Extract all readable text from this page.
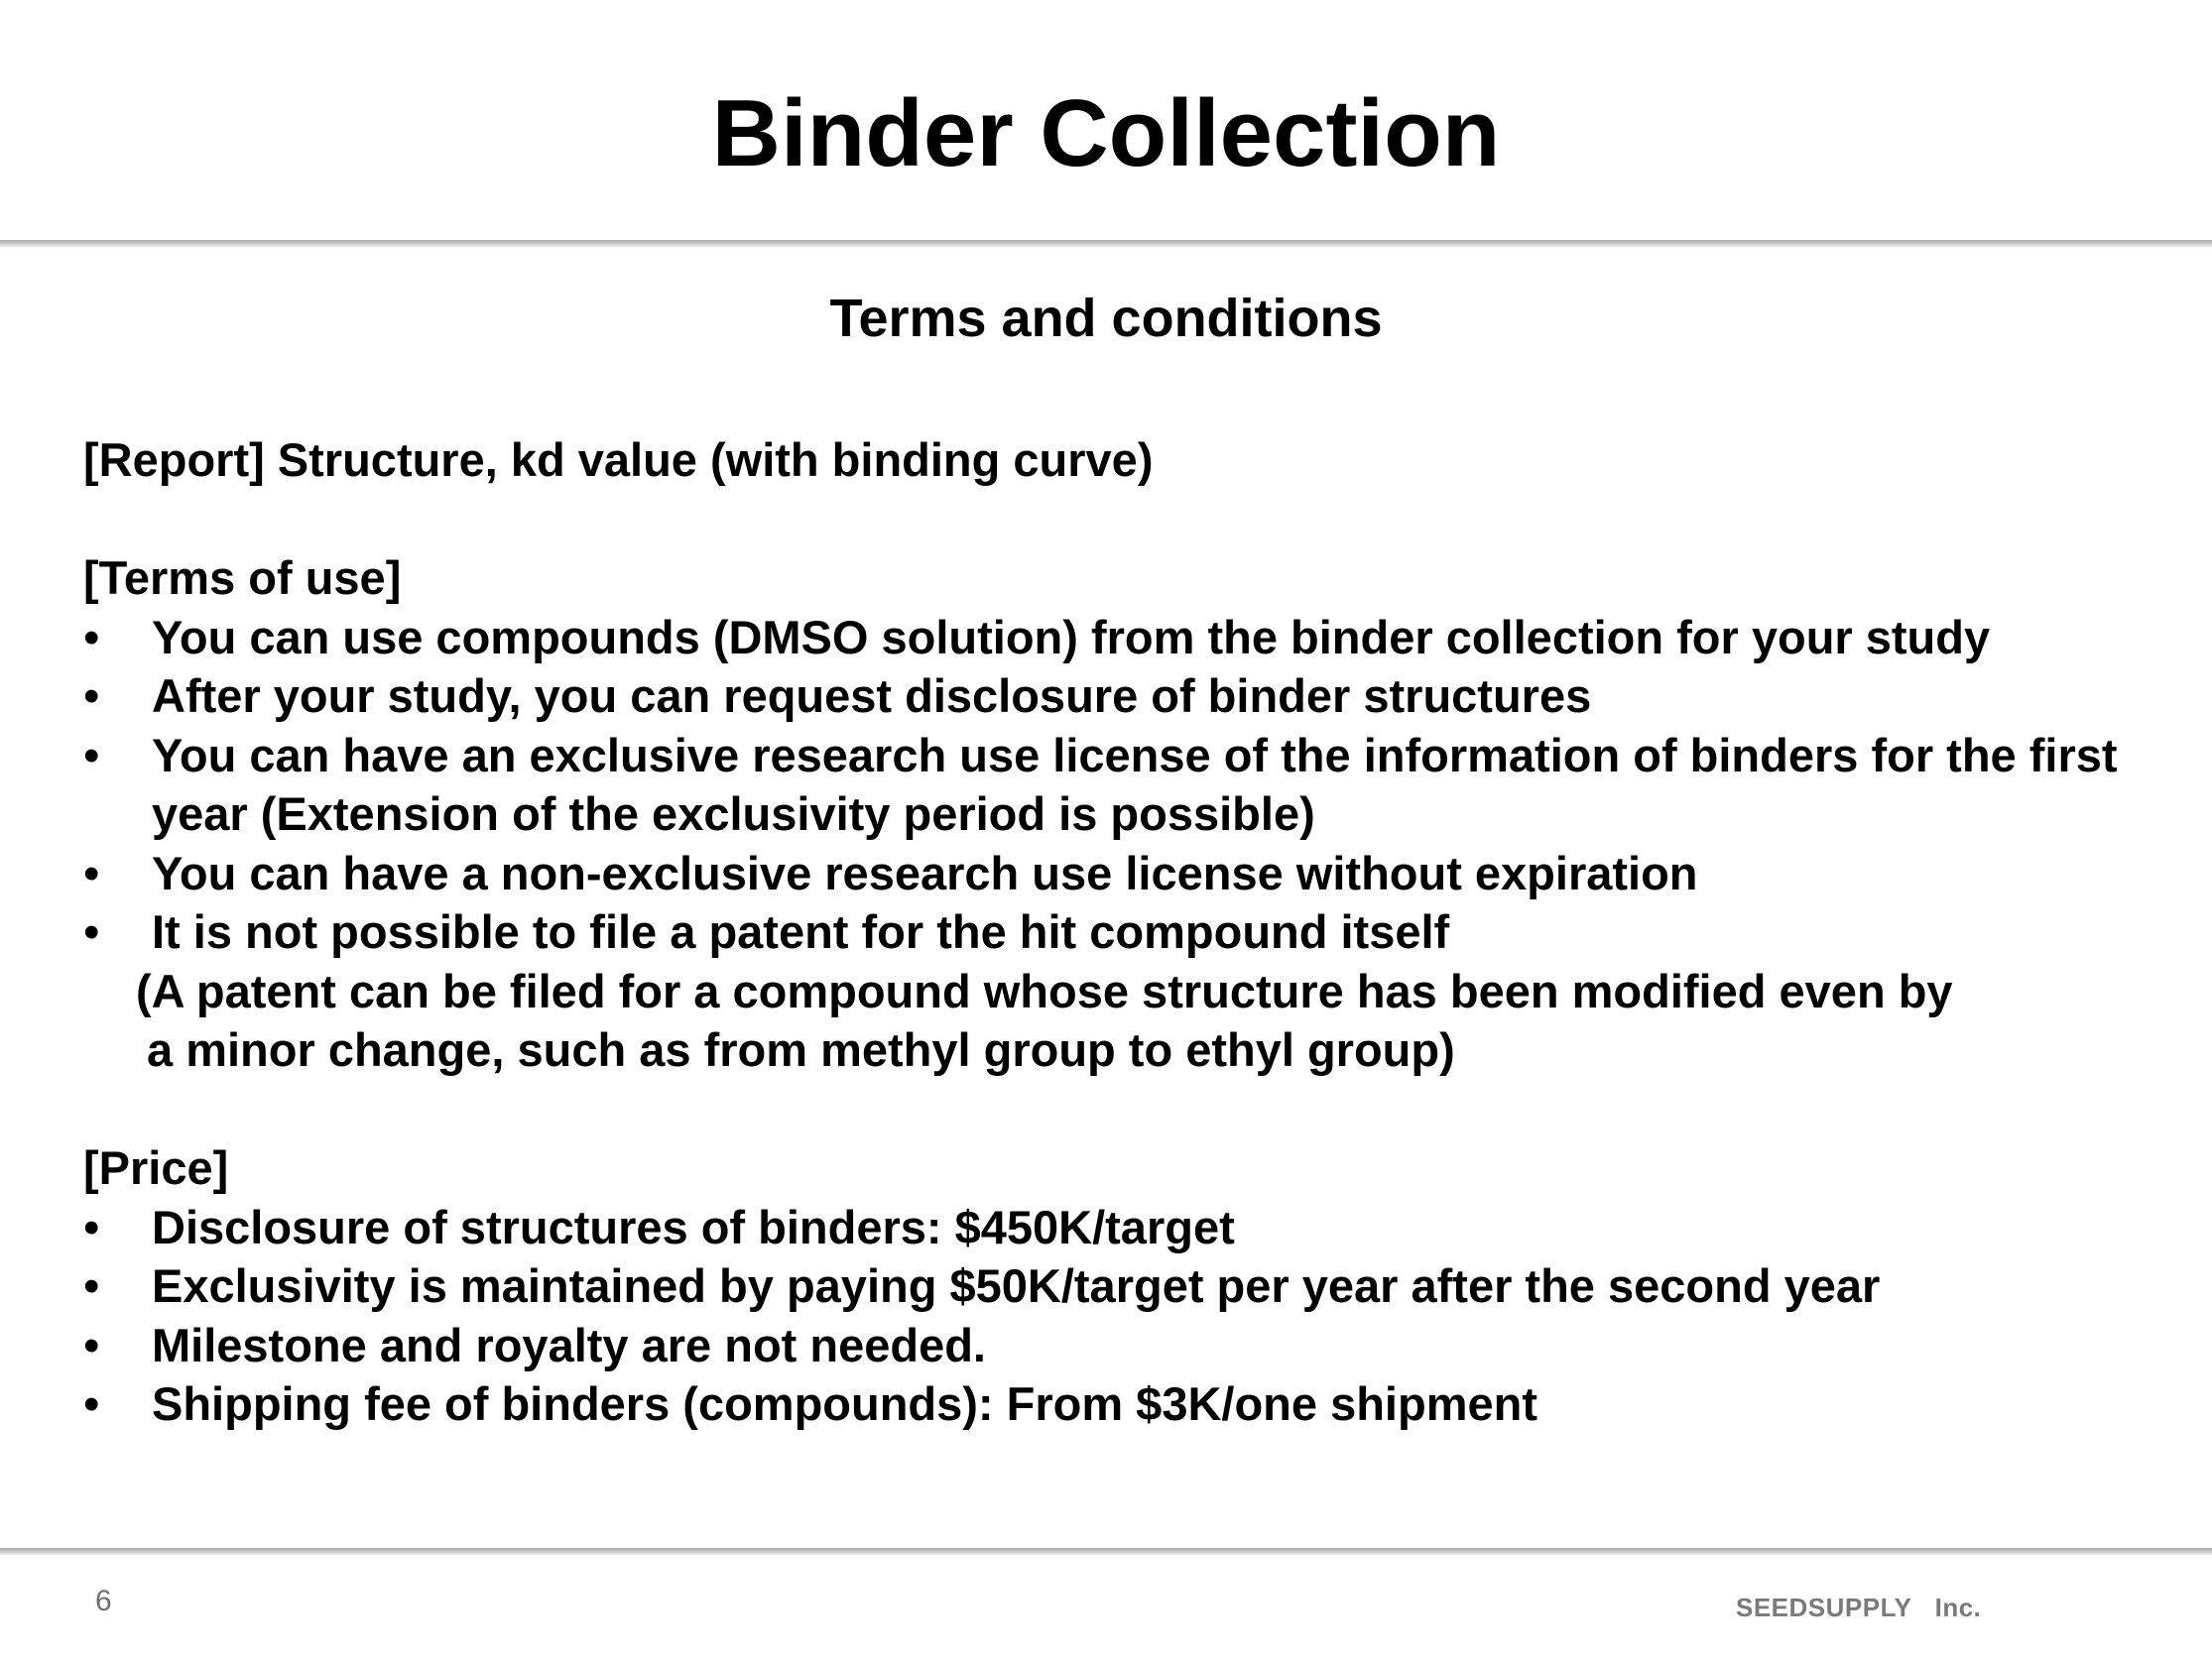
Binder Collection
Terms and conditions
[Report] Structure, kd value (with binding curve)
[Terms of use]
• You can use compounds (DMSO solution) from the binder collection for your study
• After your study, you can request disclosure of binder structures
• You can have an exclusive research use license of the information of binders for the first year (Extension of the exclusivity period is possible)
• You can have a non-exclusive research use license without expiration
• It is not possible to file a patent for the hit compound itself
(A patent can be filed for a compound whose structure has been modified even by
a minor change, such as from methyl group to ethyl group)
[Price]
• Disclosure of structures of binders: $450K/target
• Exclusivity is maintained by paying $50K/target per year after the second year
• Milestone and royalty are not needed.
• Shipping fee of binders (compounds): From $3K/one shipment
6	SEEDSUPPLY   Inc.
